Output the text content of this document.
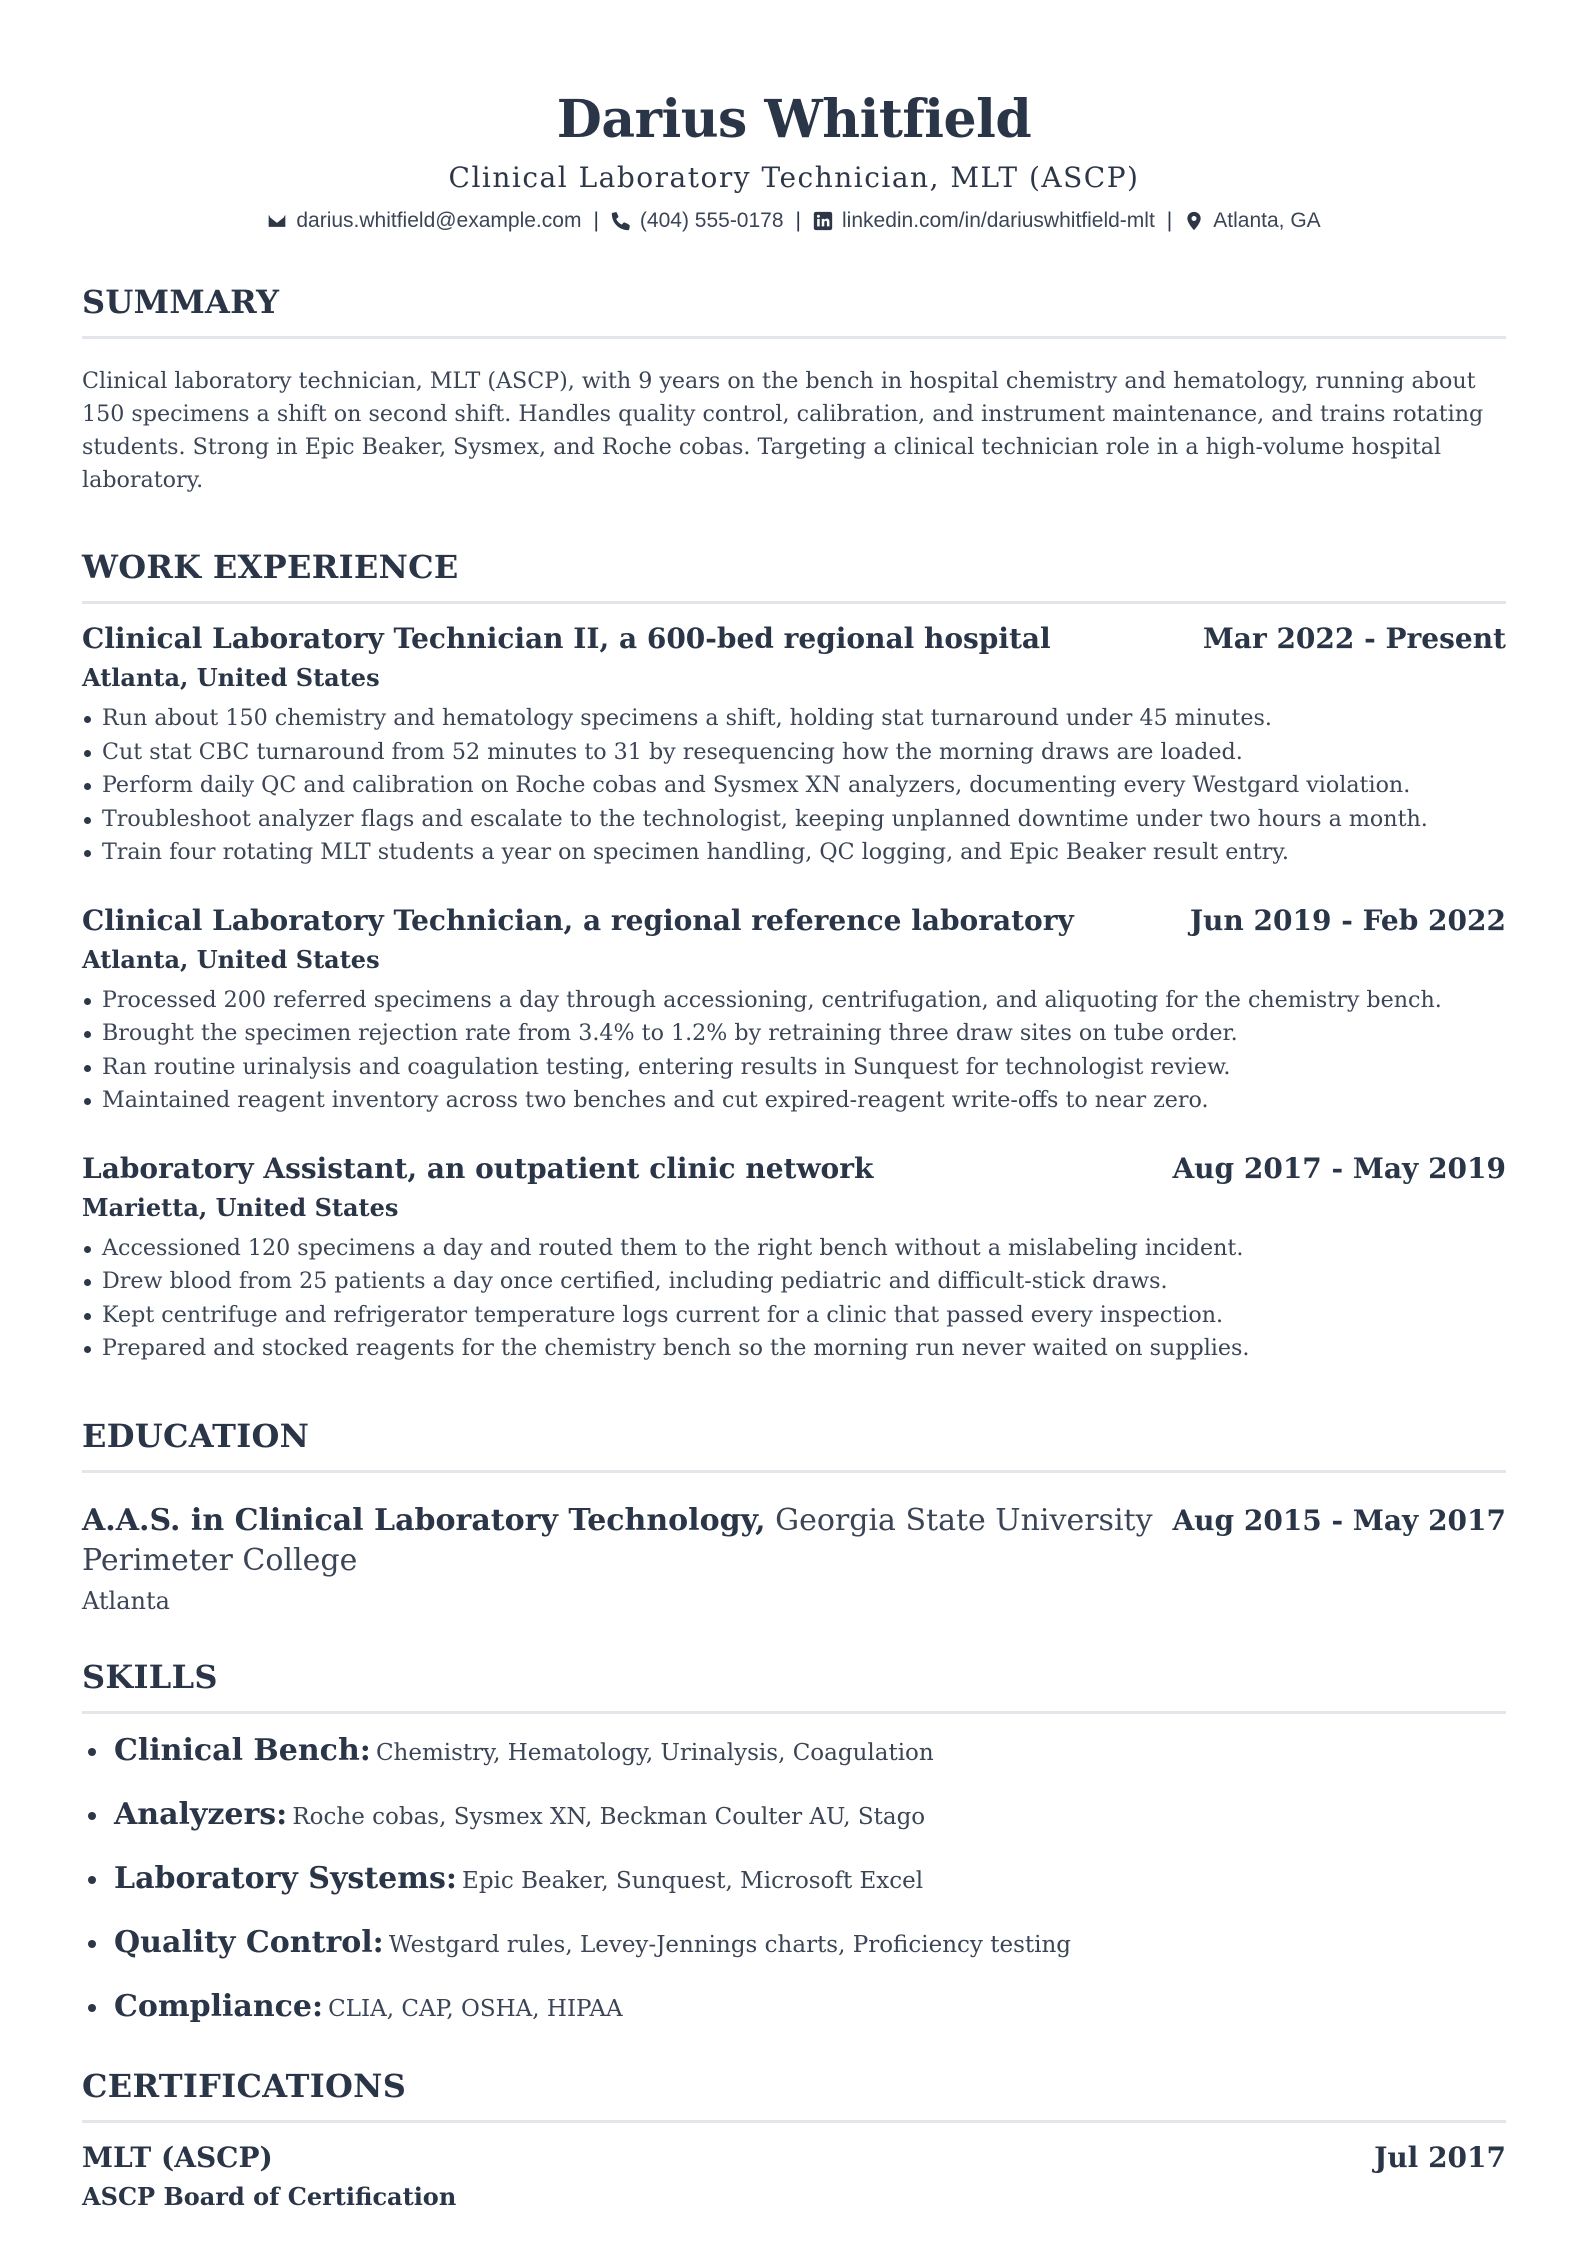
Darius Whitfield
Clinical Laboratory Technician, MLT (ASCP)
darius.whitfield@example.com | (404) 555-0178 | linkedin.com/in/dariuswhitfield-mlt | Atlanta, GA
SUMMARY
Clinical laboratory technician, MLT (ASCP), with 9 years on the bench in hospital chemistry and hematology, running about 150 specimens a shift on second shift. Handles quality control, calibration, and instrument maintenance, and trains rotating students. Strong in Epic Beaker, Sysmex, and Roche cobas. Targeting a clinical technician role in a high-volume hospital laboratory.
WORK EXPERIENCE
Clinical Laboratory Technician II, a 600-bed regional hospital	Mar 2022 - Present
Atlanta, United States
Run about 150 chemistry and hematology specimens a shift, holding stat turnaround under 45 minutes.
Cut stat CBC turnaround from 52 minutes to 31 by resequencing how the morning draws are loaded.
Perform daily QC and calibration on Roche cobas and Sysmex XN analyzers, documenting every Westgard violation.
Troubleshoot analyzer flags and escalate to the technologist, keeping unplanned downtime under two hours a month.
Train four rotating MLT students a year on specimen handling, QC logging, and Epic Beaker result entry.
Clinical Laboratory Technician, a regional reference laboratory	Jun 2019 - Feb 2022
Atlanta, United States
Processed 200 referred specimens a day through accessioning, centrifugation, and aliquoting for the chemistry bench.
Brought the specimen rejection rate from 3.4% to 1.2% by retraining three draw sites on tube order.
Ran routine urinalysis and coagulation testing, entering results in Sunquest for technologist review.
Maintained reagent inventory across two benches and cut expired-reagent write-offs to near zero.
Laboratory Assistant, an outpatient clinic network	Aug 2017 - May 2019
Marietta, United States
Accessioned 120 specimens a day and routed them to the right bench without a mislabeling incident.
Drew blood from 25 patients a day once certified, including pediatric and difficult-stick draws.
Kept centrifuge and refrigerator temperature logs current for a clinic that passed every inspection.
Prepared and stocked reagents for the chemistry bench so the morning run never waited on supplies.
EDUCATION
A.A.S. in Clinical Laboratory Technology, Georgia State University Perimeter College
Aug 2015 - May 2017
Atlanta
SKILLS
Clinical Bench: Chemistry, Hematology, Urinalysis, Coagulation
Analyzers: Roche cobas, Sysmex XN, Beckman Coulter AU, Stago
Laboratory Systems: Epic Beaker, Sunquest, Microsoft Excel
Quality Control: Westgard rules, Levey-Jennings charts, Proficiency testing
Compliance: CLIA, CAP, OSHA, HIPAA
CERTIFICATIONS
MLT (ASCP)	Jul 2017
ASCP Board of Certification
